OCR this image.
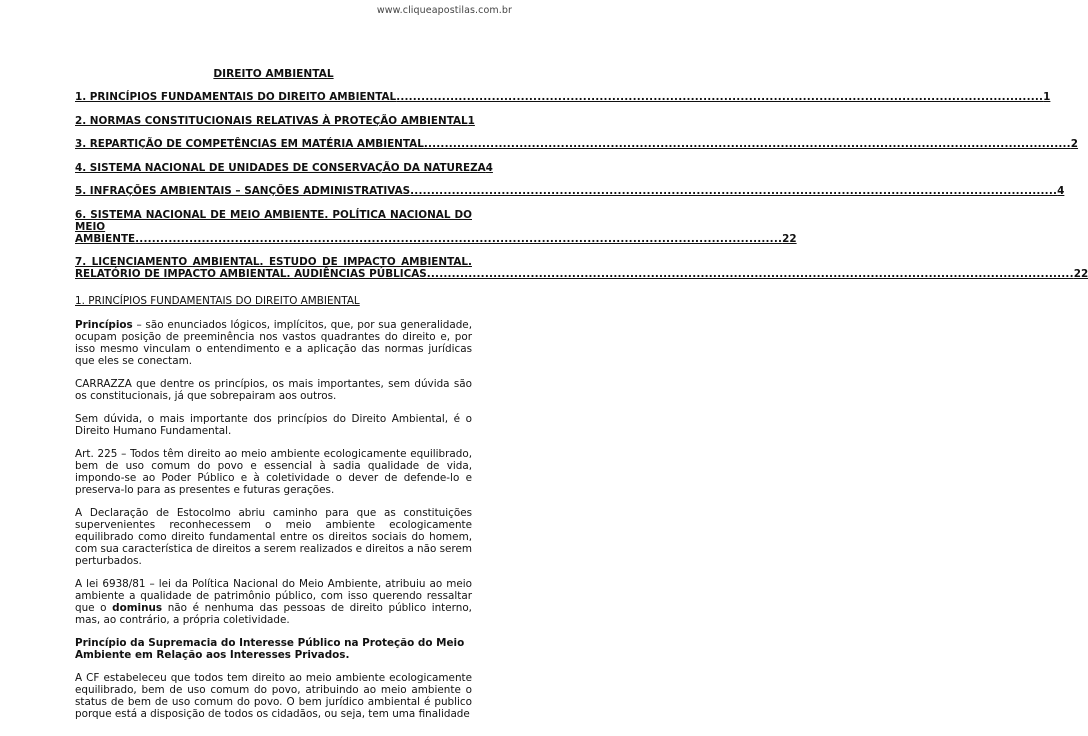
www.cliqueapostilas.com.br
DIREITO AMBIENTAL
1. PRINCÍPIOS FUNDAMENTAIS DO DIREITO AMBIENTAL .....	1
2. NORMAS CONSTITUCIONAIS RELATIVAS À PROTEÇÃO AMBIENTAL 1
3. REPARTIÇÃO DE COMPETÊNCIAS EM MATÉRIA AMBIENTAL .....	2
4. SISTEMA NACIONAL DE UNIDADES DE CONSERVAÇÃO DA NATUREZA 4
5. INFRAÇÕES AMBIENTAIS – SANÇÕES ADMINISTRATIVAS .....	4
6. SISTEMA NACIONAL DE MEIO AMBIENTE. POLÍTICA NACIONAL DO MEIO
AMBIENTE .....	22
7. LICENCIAMENTO AMBIENTAL. ESTUDO DE IMPACTO AMBIENTAL.
RELATÓRIO DE IMPACTO AMBIENTAL. AUDIÊNCIAS PÚBLICAS .....	22
1. PRINCÍPIOS FUNDAMENTAIS DO DIREITO AMBIENTAL

Princípios – são enunciados lógicos, implícitos, que, por sua generalidade, ocupam posição de preeminência nos vastos quadrantes do direito e, por isso mesmo vinculam o entendimento e a aplicação das normas jurídicas que eles se conectam.

CARRAZZA que dentre os princípios, os mais importantes, sem dúvida são os constitucionais, já que sobrepairam aos outros.

Sem dúvida, o mais importante dos princípios do Direito Ambiental, é o Direito Humano Fundamental.

Art. 225 – Todos têm direito ao meio ambiente ecologicamente equilibrado, bem de uso comum do povo e essencial à sadia qualidade de vida, impondo-se ao Poder Público e à coletividade o dever de defende-lo e preserva-lo para as presentes e futuras gerações.

A Declaração de Estocolmo abriu caminho para que as constituições supervenientes reconhecessem o meio ambiente ecologicamente equilibrado como direito fundamental entre os direitos sociais do homem, com sua característica de direitos a serem realizados e direitos a não serem perturbados.

A lei 6938/81 – lei da Política Nacional do Meio Ambiente, atribuiu ao meio ambiente a qualidade de patrimônio público, com isso querendo ressaltar que o dominus não é nenhuma das pessoas de direito público interno, mas, ao contrário, a própria coletividade.

Princípio da Supremacia do Interesse Público na Proteção do Meio Ambiente em Relação aos Interesses Privados.

A CF estabeleceu que todos tem direito ao meio ambiente ecologicamente equilibrado, bem de uso comum do povo, atribuindo ao meio ambiente o status de bem de uso comum do povo. O bem jurídico ambiental é publico porque está a disposição de todos os cidadãos, ou seja, tem uma finalidade
